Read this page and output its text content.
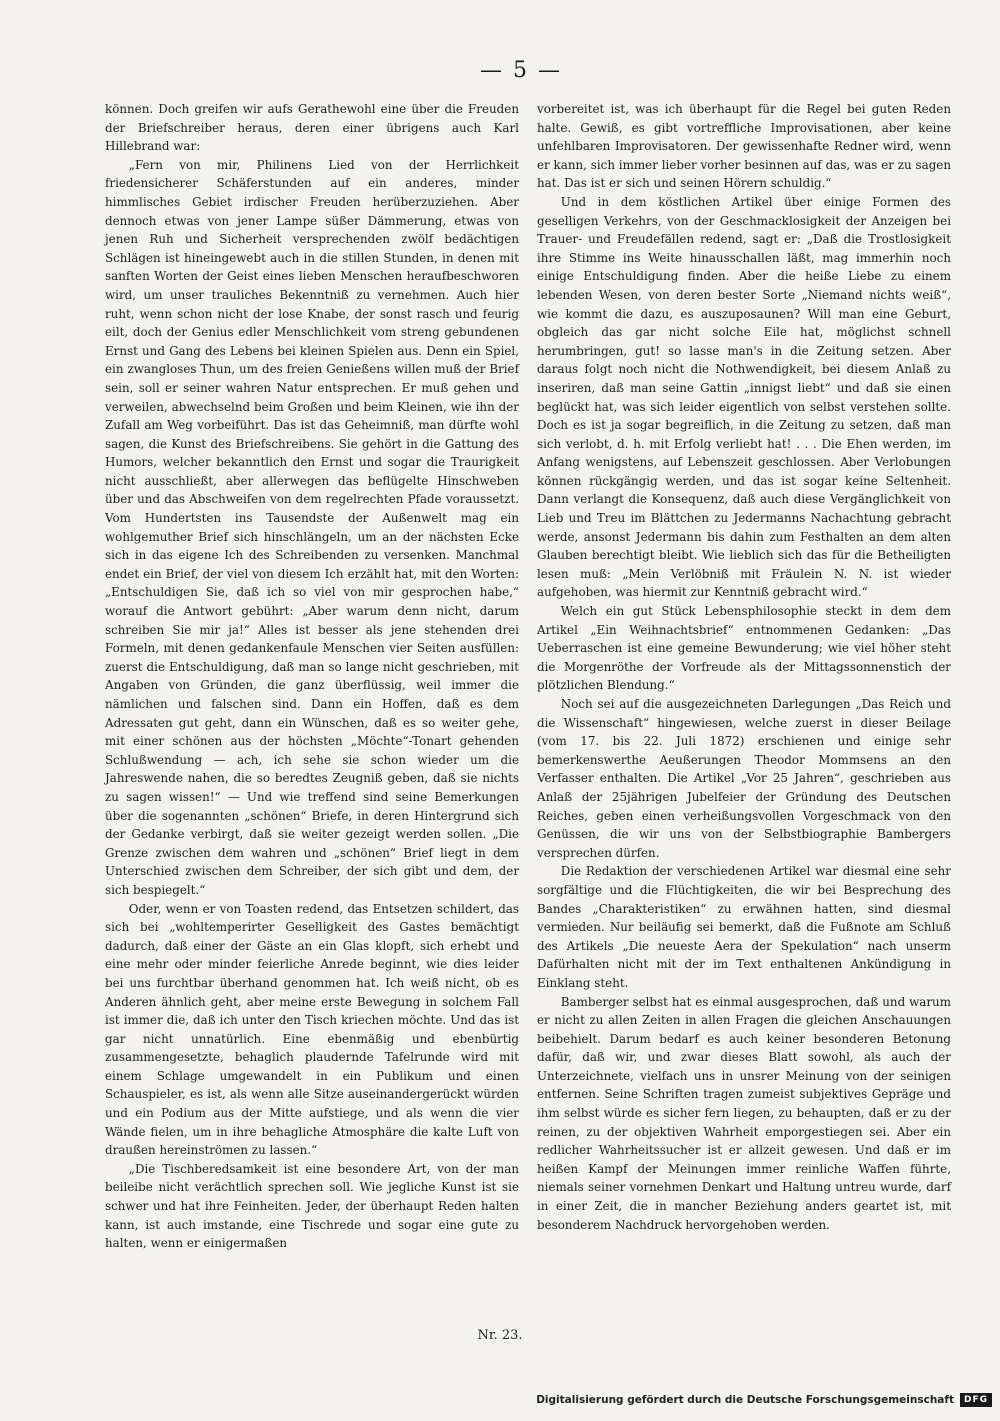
— 5 —

können. Doch greifen wir aufs Gerathewohl eine über die Freuden der Briefschreiber heraus, deren einer übrigens auch Karl Hillebrand war:

„Fern von mir, Philinens Lied von der Herrlichkeit friedensicherer Schäferstunden auf ein anderes, minder himmlisches Gebiet irdischer Freuden herüberzuziehen. Aber dennoch etwas von jener Lampe süßer Dämmerung, etwas von jenen Ruh und Sicherheit versprechenden zwölf bedächtigen Schlägen ist hineingewebt auch in die stillen Stunden, in denen mit sanften Worten der Geist eines lieben Menschen heraufbeschworen wird, um unser trauliches Bekenntniß zu vernehmen. Auch hier ruht, wenn schon nicht der lose Knabe, der sonst rasch und feurig eilt, doch der Genius edler Menschlichkeit vom streng gebundenen Ernst und Gang des Lebens bei kleinen Spielen aus. Denn ein Spiel, ein zwangloses Thun, um des freien Genießens willen muß der Brief sein, soll er seiner wahren Natur entsprechen. Er muß gehen und verweilen, abwechselnd beim Großen und beim Kleinen, wie ihn der Zufall am Weg vorbeiführt. Das ist das Geheimniß, man dürfte wohl sagen, die Kunst des Briefschreibens. Sie gehört in die Gattung des Humors, welcher bekanntlich den Ernst und sogar die Traurigkeit nicht ausschließt, aber allerwegen das beflügelte Hinschweben über und das Abschweifen von dem regelrechten Pfade voraussetzt. Vom Hundertsten ins Tausendste der Außenwelt mag ein wohlgemuther Brief sich hinschlängeln, um an der nächsten Ecke sich in das eigene Ich des Schreibenden zu versenken. Manchmal endet ein Brief, der viel von diesem Ich erzählt hat, mit den Worten: „Entschuldigen Sie, daß ich so viel von mir gesprochen habe,“ worauf die Antwort gebührt: „Aber warum denn nicht, darum schreiben Sie mir ja!“ Alles ist besser als jene stehenden drei Formeln, mit denen gedankenfaule Menschen vier Seiten ausfüllen: zuerst die Entschuldigung, daß man so lange nicht geschrieben, mit Angaben von Gründen, die ganz überflüssig, weil immer die nämlichen und falschen sind. Dann ein Hoffen, daß es dem Adressaten gut geht, dann ein Wünschen, daß es so weiter gehe, mit einer schönen aus der höchsten „Möchte“-Tonart gehenden Schlußwendung — ach, ich sehe sie schon wieder um die Jahreswende nahen, die so beredtes Zeugniß geben, daß sie nichts zu sagen wissen!“ — Und wie treffend sind seine Bemerkungen über die sogenannten „schönen“ Briefe, in deren Hintergrund sich der Gedanke verbirgt, daß sie weiter gezeigt werden sollen. „Die Grenze zwischen dem wahren und „schönen“ Brief liegt in dem Unterschied zwischen dem Schreiber, der sich gibt und dem, der sich bespiegelt.“

Oder, wenn er von Toasten redend, das Entsetzen schildert, das sich bei „wohltemperirter Geselligkeit des Gastes bemächtigt dadurch, daß einer der Gäste an ein Glas klopft, sich erhebt und eine mehr oder minder feierliche Anrede beginnt, wie dies leider bei uns furchtbar überhand genommen hat. Ich weiß nicht, ob es Anderen ähnlich geht, aber meine erste Bewegung in solchem Fall ist immer die, daß ich unter den Tisch kriechen möchte. Und das ist gar nicht unnatürlich. Eine ebenmäßig und ebenbürtig zusammengesetzte, behaglich plaudernde Tafelrunde wird mit einem Schlage umgewandelt in ein Publikum und einen Schauspieler, es ist, als wenn alle Sitze auseinandergerückt würden und ein Podium aus der Mitte aufstiege, und als wenn die vier Wände fielen, um in ihre behagliche Atmosphäre die kalte Luft von draußen hereinströmen zu lassen.“

„Die Tischberedsamkeit ist eine besondere Art, von der man beileibe nicht verächtlich sprechen soll. Wie jegliche Kunst ist sie schwer und hat ihre Feinheiten. Jeder, der überhaupt Reden halten kann, ist auch imstande, eine Tischrede und sogar eine gute zu halten, wenn er einigermaßen

vorbereitet ist, was ich überhaupt für die Regel bei guten Reden halte. Gewiß, es gibt vortreffliche Improvisationen, aber keine unfehlbaren Improvisatoren. Der gewissenhafte Redner wird, wenn er kann, sich immer lieber vorher besinnen auf das, was er zu sagen hat. Das ist er sich und seinen Hörern schuldig.“

Und in dem köstlichen Artikel über einige Formen des geselligen Verkehrs, von der Geschmacklosigkeit der Anzeigen bei Trauer- und Freudefällen redend, sagt er: „Daß die Trostlosigkeit ihre Stimme ins Weite hinausschallen läßt, mag immerhin noch einige Entschuldigung finden. Aber die heiße Liebe zu einem lebenden Wesen, von deren bester Sorte „Niemand nichts weiß“, wie kommt die dazu, es auszuposaunen? Will man eine Geburt, obgleich das gar nicht solche Eile hat, möglichst schnell herumbringen, gut! so lasse man's in die Zeitung setzen. Aber daraus folgt noch nicht die Nothwendigkeit, bei diesem Anlaß zu inseriren, daß man seine Gattin „innigst liebt“ und daß sie einen beglückt hat, was sich leider eigentlich von selbst verstehen sollte. Doch es ist ja sogar begreiflich, in die Zeitung zu setzen, daß man sich verlobt, d. h. mit Erfolg verliebt hat! . . . Die Ehen werden, im Anfang wenigstens, auf Lebenszeit geschlossen. Aber Verlobungen können rückgängig werden, und das ist sogar keine Seltenheit. Dann verlangt die Konsequenz, daß auch diese Vergänglichkeit von Lieb und Treu im Blättchen zu Jedermanns Nachachtung gebracht werde, ansonst Jedermann bis dahin zum Festhalten an dem alten Glauben berechtigt bleibt. Wie lieblich sich das für die Betheiligten lesen muß: „Mein Verlöbniß mit Fräulein N. N. ist wieder aufgehoben, was hiermit zur Kenntniß gebracht wird.“

Welch ein gut Stück Lebensphilosophie steckt in dem dem Artikel „Ein Weihnachtsbrief“ entnommenen Gedanken: „Das Ueberraschen ist eine gemeine Bewunderung; wie viel höher steht die Morgenröthe der Vorfreude als der Mittagssonnenstich der plötzlichen Blendung.“

Noch sei auf die ausgezeichneten Darlegungen „Das Reich und die Wissenschaft“ hingewiesen, welche zuerst in dieser Beilage (vom 17. bis 22. Juli 1872) erschienen und einige sehr bemerkenswerthe Aeußerungen Theodor Mommsens an den Verfasser enthalten. Die Artikel „Vor 25 Jahren“, geschrieben aus Anlaß der 25jährigen Jubelfeier der Gründung des Deutschen Reiches, geben einen verheißungsvollen Vorgeschmack von den Genüssen, die wir uns von der Selbstbiographie Bambergers versprechen dürfen.

Die Redaktion der verschiedenen Artikel war diesmal eine sehr sorgfältige und die Flüchtigkeiten, die wir bei Besprechung des Bandes „Charakteristiken“ zu erwähnen hatten, sind diesmal vermieden. Nur beiläufig sei bemerkt, daß die Fußnote am Schluß des Artikels „Die neueste Aera der Spekulation“ nach unserm Dafürhalten nicht mit der im Text enthaltenen Ankündigung in Einklang steht.

Bamberger selbst hat es einmal ausgesprochen, daß und warum er nicht zu allen Zeiten in allen Fragen die gleichen Anschauungen beibehielt. Darum bedarf es auch keiner besonderen Betonung dafür, daß wir, und zwar dieses Blatt sowohl, als auch der Unterzeichnete, vielfach uns in unsrer Meinung von der seinigen entfernen. Seine Schriften tragen zumeist subjektives Gepräge und ihm selbst würde es sicher fern liegen, zu behaupten, daß er zu der reinen, zu der objektiven Wahrheit emporgestiegen sei. Aber ein redlicher Wahrheitssucher ist er allzeit gewesen. Und daß er im heißen Kampf der Meinungen immer reinliche Waffen führte, niemals seiner vornehmen Denkart und Haltung untreu wurde, darf in einer Zeit, die in mancher Beziehung anders geartet ist, mit besonderem Nachdruck hervorgehoben werden.

Nr. 23.
Digitalisierung gefördert durch die Deutsche Forschungsgemeinschaft	DFG
